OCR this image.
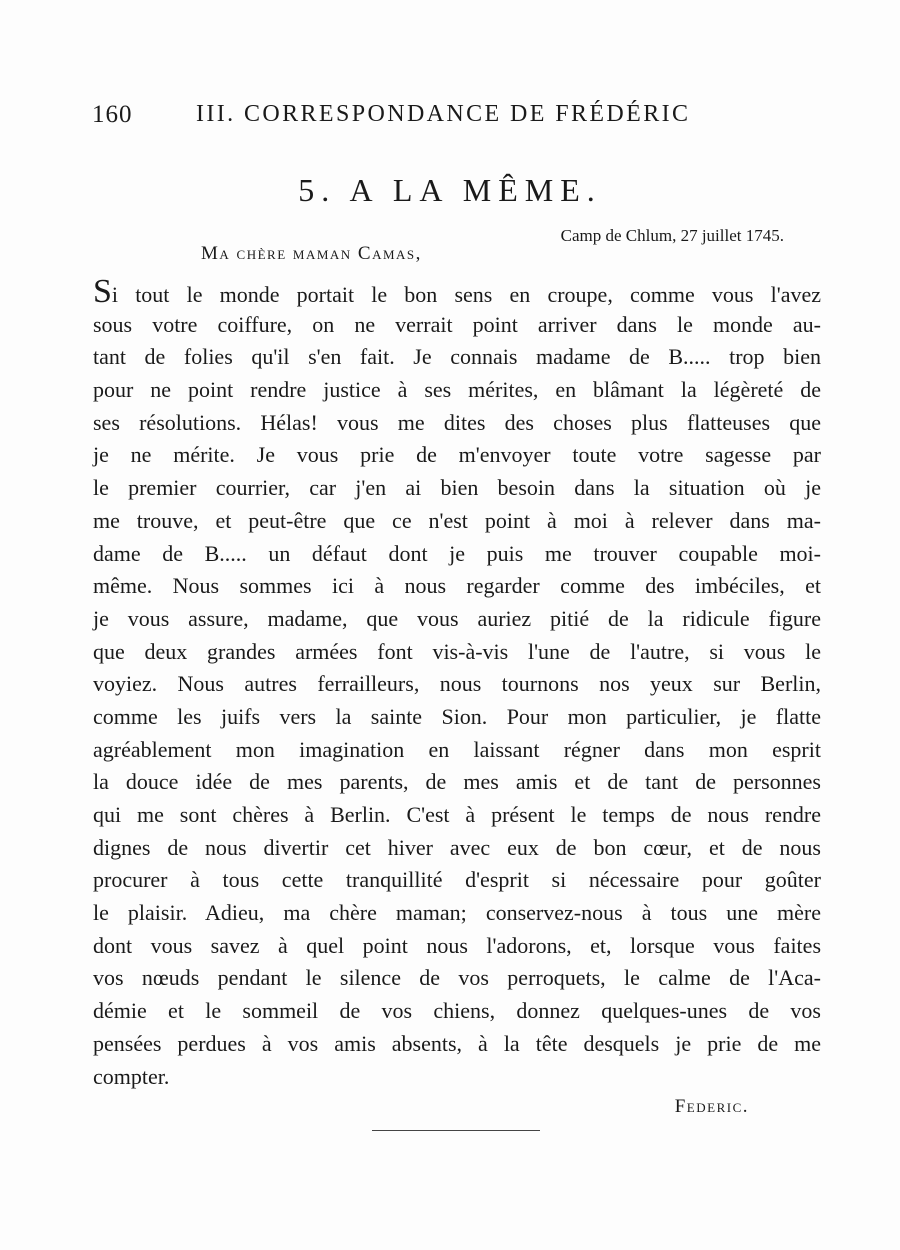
160	III. CORRESPONDANCE DE FRÉDÉRIC
5. A LA MÊME.
Camp de Chlum, 27 juillet 1745.
Ma chère maman Camas,
Si tout le monde portait le bon sens en croupe, comme vous l'avez
sous votre coiffure, on ne verrait point arriver dans le monde au-
tant de folies qu'il s'en fait. Je connais madame de B..... trop bien
pour ne point rendre justice à ses mérites, en blâmant la légèreté de
ses résolutions. Hélas! vous me dites des choses plus flatteuses que
je ne mérite. Je vous prie de m'envoyer toute votre sagesse par
le premier courrier, car j'en ai bien besoin dans la situation où je
me trouve, et peut-être que ce n'est point à moi à relever dans ma-
dame de B..... un défaut dont je puis me trouver coupable moi-
même. Nous sommes ici à nous regarder comme des imbéciles, et
je vous assure, madame, que vous auriez pitié de la ridicule figure
que deux grandes armées font vis-à-vis l'une de l'autre, si vous le
voyiez. Nous autres ferrailleurs, nous tournons nos yeux sur Berlin,
comme les juifs vers la sainte Sion. Pour mon particulier, je flatte
agréablement mon imagination en laissant régner dans mon esprit
la douce idée de mes parents, de mes amis et de tant de personnes
qui me sont chères à Berlin. C'est à présent le temps de nous rendre
dignes de nous divertir cet hiver avec eux de bon cœur, et de nous
procurer à tous cette tranquillité d'esprit si nécessaire pour goûter
le plaisir. Adieu, ma chère maman; conservez-nous à tous une mère
dont vous savez à quel point nous l'adorons, et, lorsque vous faites
vos nœuds pendant le silence de vos perroquets, le calme de l'Aca-
démie et le sommeil de vos chiens, donnez quelques-unes de vos
pensées perdues à vos amis absents, à la tête desquels je prie de me
compter.
Federic.
